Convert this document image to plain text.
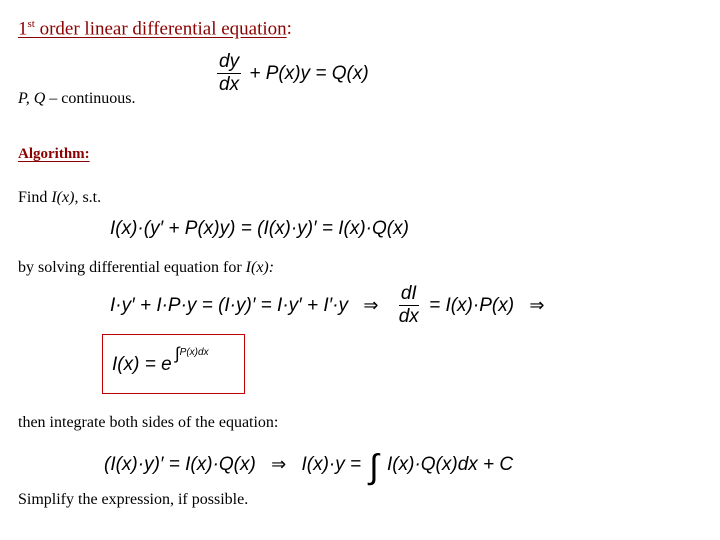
1st order linear differential equation:
$\frac{dy}{dx} + P(x)y = Q(x)$
P, Q – continuous.
Algorithm:
Find I(x), s.t.
I(x)·(y′ + P(x)y) = (I(x)·y)′ = I(x)·Q(x)
by solving differential equation for I(x):
I·y′ + I·P·y = (I·y)′ = I·y′ + I′·y ⇒ $\frac{dI}{dx} = I(x)\cdot P(x)$ ⇒
I(x) = e
∫P(x)dx
then integrate both sides of the equation:
(I(x)·y)′ = I(x)·Q(x) ⇒ I(x)·y = ∫ I(x)·Q(x)dx + C
Simplify the expression, if possible.
